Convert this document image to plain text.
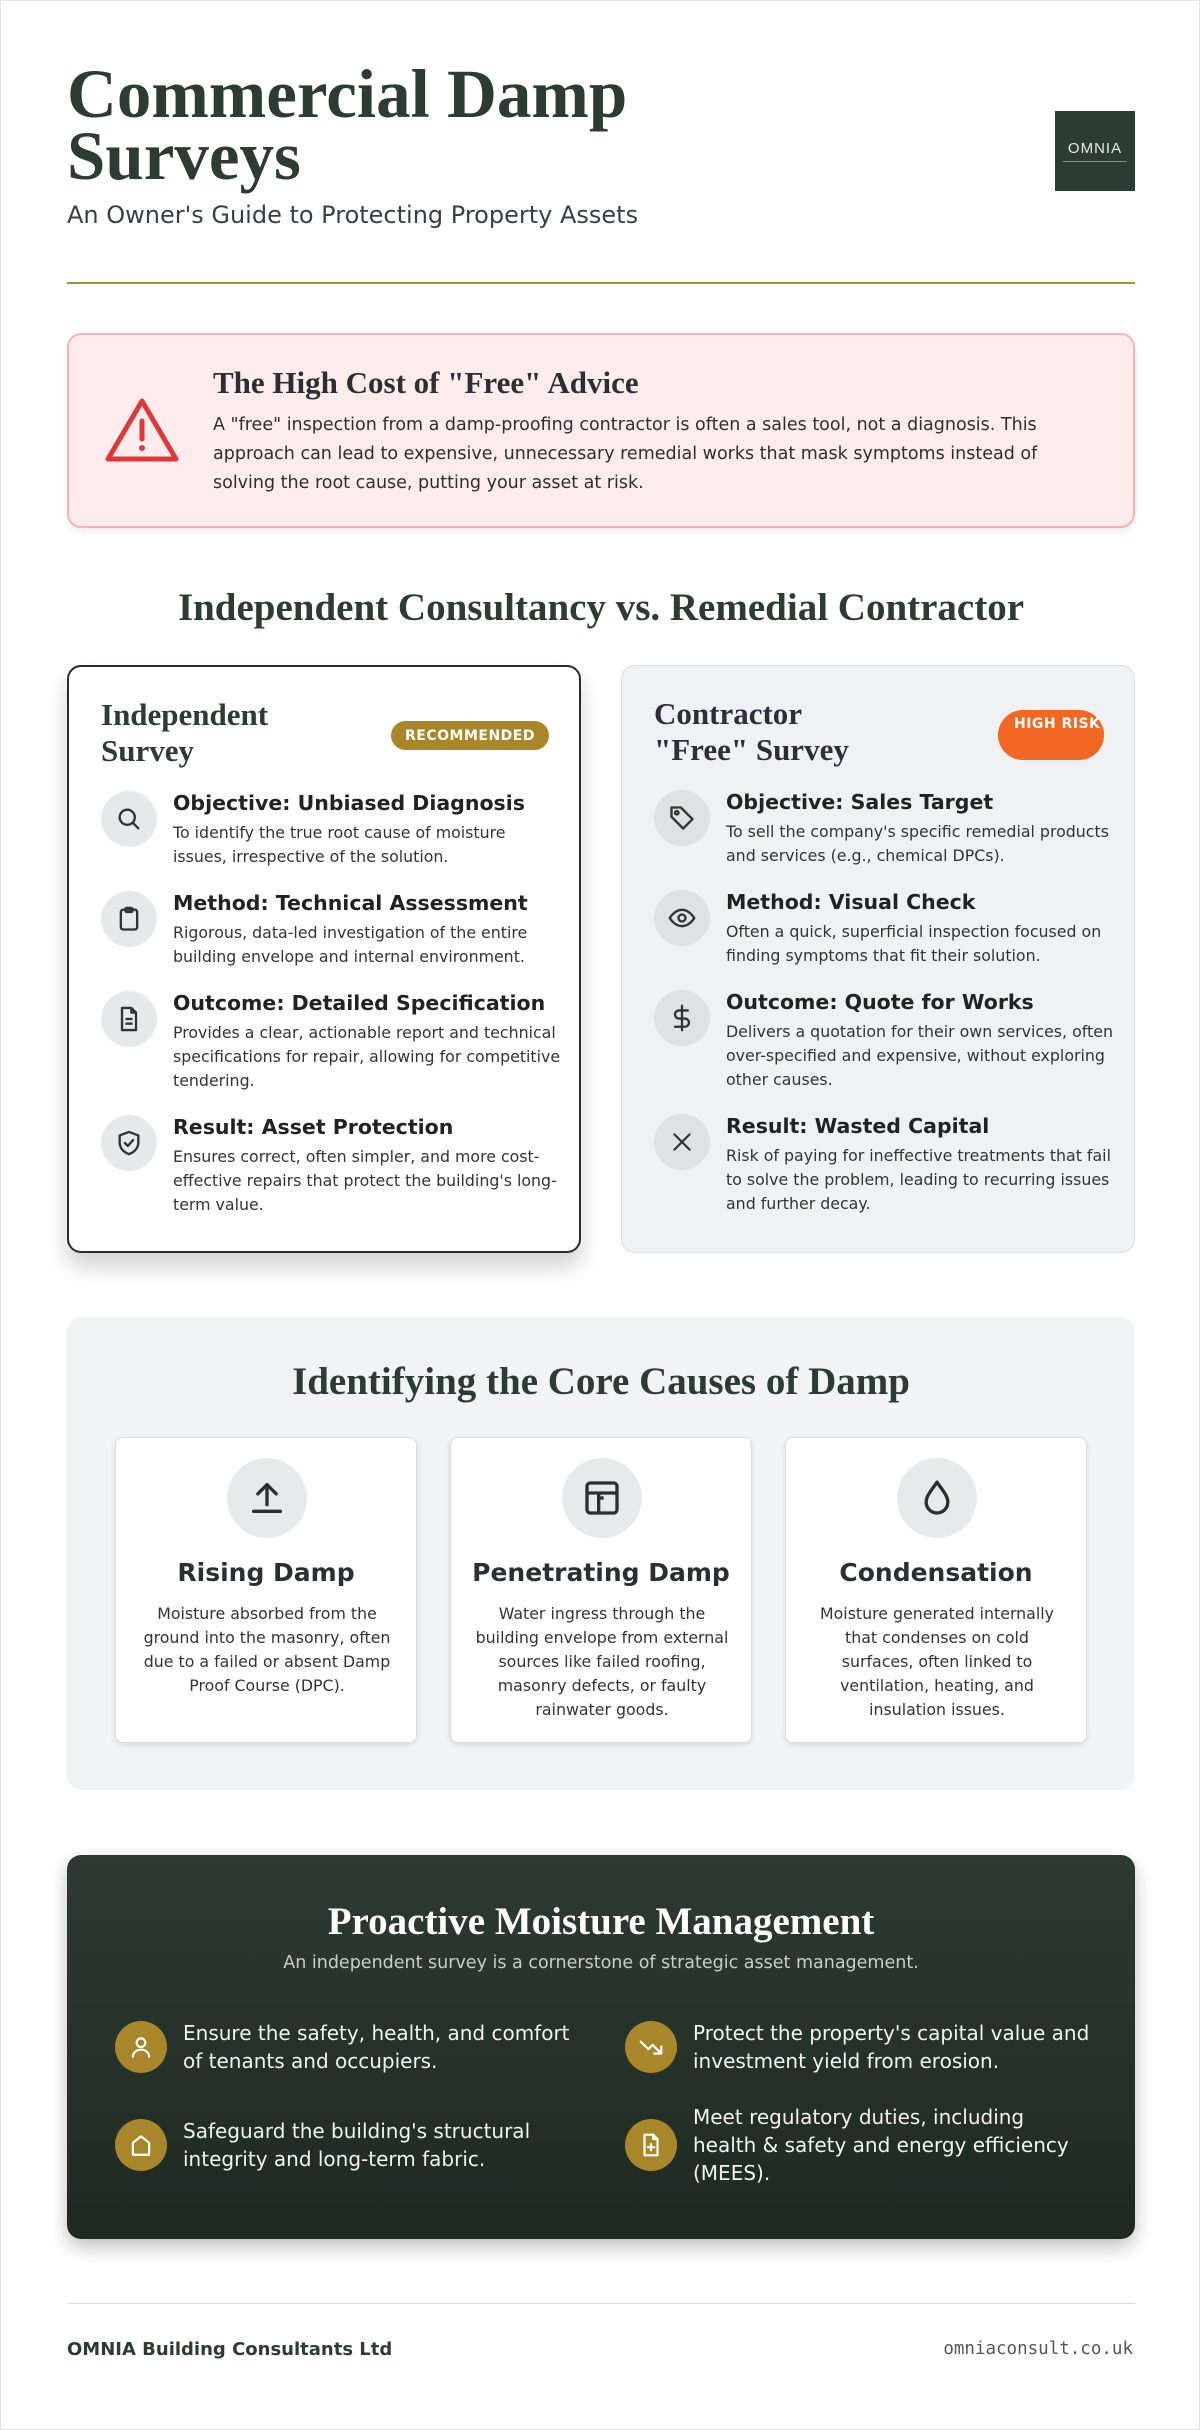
Commercial Damp Surveys
An Owner's Guide to Protecting Property Assets
OMNIA
The High Cost of "Free" Advice

A "free" inspection from a damp-proofing contractor is often a sales tool, not a diagnosis. This approach can lead to expensive, unnecessary remedial works that mask symptoms instead of solving the root cause, putting your asset at risk.

Independent Consultancy vs. Remedial Contractor
Independent Survey	RECOMMENDED
Objective: Unbiased Diagnosis
To identify the true root cause of moisture issues, irrespective of the solution.
Method: Technical Assessment
Rigorous, data-led investigation of the entire building envelope and internal environment.
Outcome: Detailed Specification
Provides a clear, actionable report and technical specifications for repair, allowing for competitive tendering.
Result: Asset Protection
Ensures correct, often simpler, and more cost-effective repairs that protect the building's long-term value.
Contractor "Free" Survey
HIGH RISK
Objective: Sales Target
To sell the company's specific remedial products and services (e.g., chemical DPCs).
Method: Visual Check
Often a quick, superficial inspection focused on finding symptoms that fit their solution.
Outcome: Quote for Works
Delivers a quotation for their own services, often over-specified and expensive, without exploring other causes.
Result: Wasted Capital
Risk of paying for ineffective treatments that fail to solve the problem, leading to recurring issues and further decay.
Identifying the Core Causes of Damp
Rising Damp

Moisture absorbed from the ground into the masonry, often due to a failed or absent Damp Proof Course (DPC).

Penetrating Damp

Water ingress through the building envelope from external sources like failed roofing, masonry defects, or faulty rainwater goods.

Condensation

Moisture generated internally that condenses on cold surfaces, often linked to ventilation, heating, and insulation issues.

Proactive Moisture Management
An independent survey is a cornerstone of strategic asset management.
Ensure the safety, health, and comfort of tenants and occupiers.
Protect the property's capital value and investment yield from erosion.
Safeguard the building's structural integrity and long-term fabric.
Meet regulatory duties, including health & safety and energy efficiency (MEES).
OMNIA Building Consultants Ltd	omniaconsult.co.uk
